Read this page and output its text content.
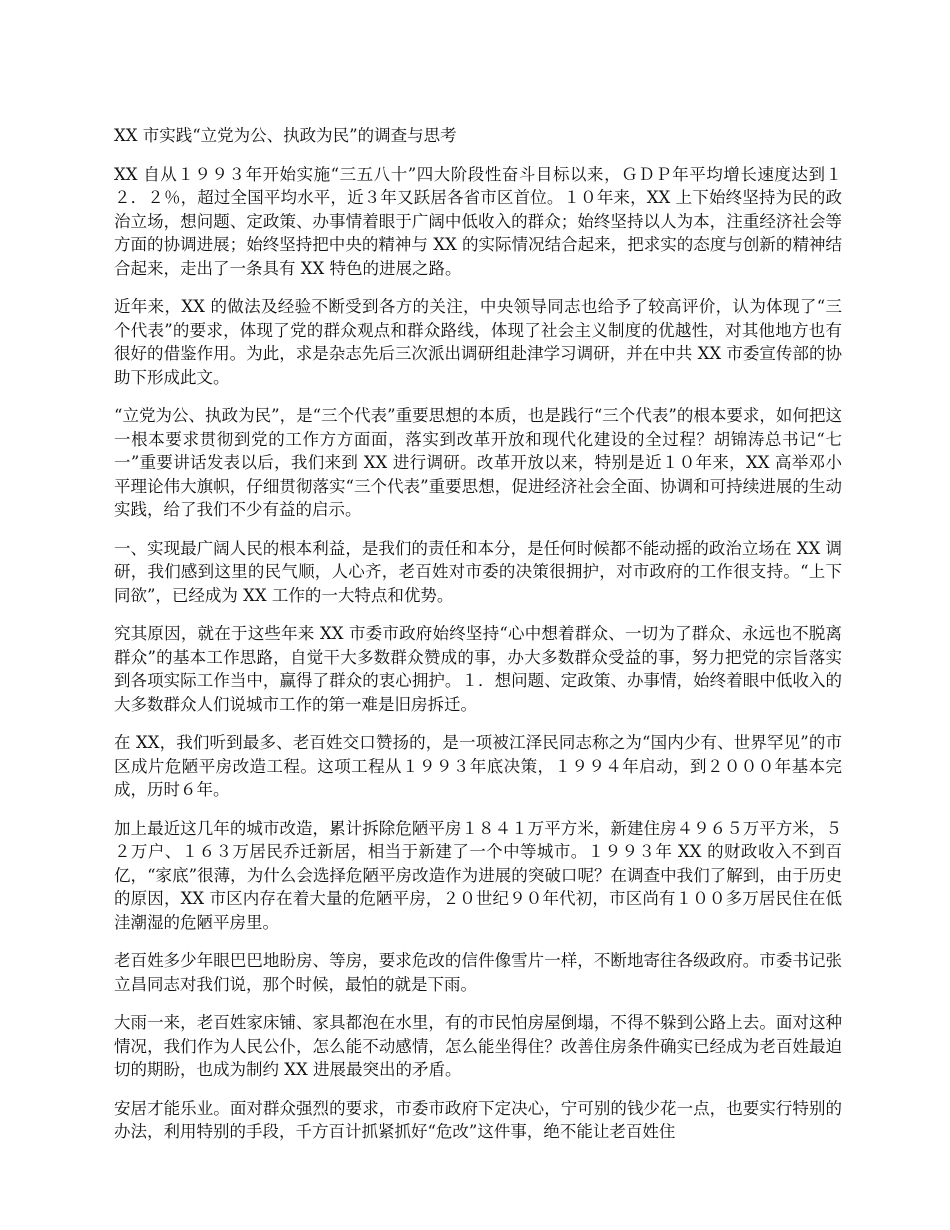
XX 市实践“立党为公、执政为民”的调查与思考

XX 自从１９９３年开始实施“三五八十”四大阶段性奋斗目标以来，ＧＤＰ年平均增长速度达到１２．２％，超过全国平均水平，近３年又跃居各省市区首位。１０年来，XX 上下始终坚持为民的政治立场，想问题、定政策、办事情着眼于广阔中低收入的群众；始终坚持以人为本，注重经济社会等方面的协调进展；始终坚持把中央的精神与 XX 的实际情况结合起来，把求实的态度与创新的精神结合起来，走出了一条具有 XX 特色的进展之路。

近年来，XX 的做法及经验不断受到各方的关注，中央领导同志也给予了较高评价，认为体现了“三个代表”的要求，体现了党的群众观点和群众路线，体现了社会主义制度的优越性，对其他地方也有很好的借鉴作用。为此，求是杂志先后三次派出调研组赴津学习调研，并在中共 XX 市委宣传部的协助下形成此文。

“立党为公、执政为民”，是“三个代表”重要思想的本质，也是践行“三个代表”的根本要求，如何把这一根本要求贯彻到党的工作方方面面，落实到改革开放和现代化建设的全过程？胡锦涛总书记“七一”重要讲话发表以后，我们来到 XX 进行调研。改革开放以来，特别是近１０年来，XX 高举邓小平理论伟大旗帜，仔细贯彻落实“三个代表”重要思想，促进经济社会全面、协调和可持续进展的生动实践，给了我们不少有益的启示。

一、实现最广阔人民的根本利益，是我们的责任和本分，是任何时候都不能动摇的政治立场在 XX 调研，我们感到这里的民气顺，人心齐，老百姓对市委的决策很拥护，对市政府的工作很支持。“上下同欲”，已经成为 XX 工作的一大特点和优势。

究其原因，就在于这些年来 XX 市委市政府始终坚持“心中想着群众、一切为了群众、永远也不脱离群众”的基本工作思路，自觉干大多数群众赞成的事，办大多数群众受益的事，努力把党的宗旨落实到各项实际工作当中，赢得了群众的衷心拥护。１．想问题、定政策、办事情，始终着眼中低收入的大多数群众人们说城市工作的第一难是旧房拆迁。

在 XX，我们听到最多、老百姓交口赞扬的，是一项被江泽民同志称之为“国内少有、世界罕见”的市区成片危陋平房改造工程。这项工程从１９９３年底决策，１９９４年启动，到２０００年基本完成，历时６年。

加上最近这几年的城市改造，累计拆除危陋平房１８４１万平方米，新建住房４９６５万平方米，５２万户、１６３万居民乔迁新居，相当于新建了一个中等城市。１９９３年 XX 的财政收入不到百亿，“家底”很薄，为什么会选择危陋平房改造作为进展的突破口呢？在调查中我们了解到，由于历史的原因，XX 市区内存在着大量的危陋平房，２０世纪９０年代初，市区尚有１００多万居民住在低洼潮湿的危陋平房里。

老百姓多少年眼巴巴地盼房、等房，要求危改的信件像雪片一样，不断地寄往各级政府。市委书记张立昌同志对我们说，那个时候，最怕的就是下雨。

大雨一来，老百姓家床铺、家具都泡在水里，有的市民怕房屋倒塌，不得不躲到公路上去。面对这种情况，我们作为人民公仆，怎么能不动感情，怎么能坐得住？改善住房条件确实已经成为老百姓最迫切的期盼，也成为制约 XX 进展最突出的矛盾。

安居才能乐业。面对群众强烈的要求，市委市政府下定决心，宁可别的钱少花一点，也要实行特别的办法，利用特别的手段，千方百计抓紧抓好“危改”这件事，绝不能让老百姓住
